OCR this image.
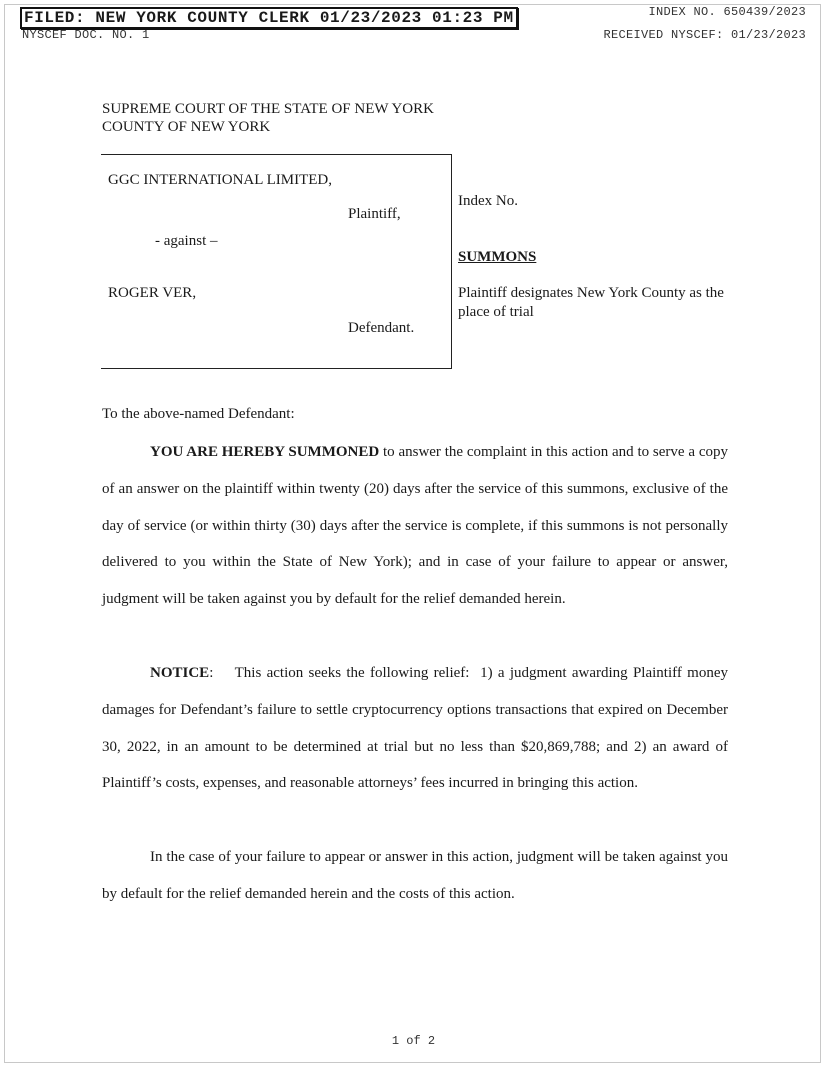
FILED: NEW YORK COUNTY CLERK 01/23/2023 01:23 PM
NYSCEF DOC. NO. 1
INDEX NO. 650439/2023
RECEIVED NYSCEF: 01/23/2023
SUPREME COURT OF THE STATE OF NEW YORK
COUNTY OF NEW YORK
GGC INTERNATIONAL LIMITED,
Plaintiff,
- against –
ROGER VER,
Defendant.
Index No.
SUMMONS
Plaintiff designates New York County as the place of trial
To the above-named Defendant:
YOU ARE HEREBY SUMMONED to answer the complaint in this action and to serve a copy of an answer on the plaintiff within twenty (20) days after the service of this summons, exclusive of the day of service (or within thirty (30) days after the service is complete, if this summons is not personally delivered to you within the State of New York); and in case of your failure to appear or answer, judgment will be taken against you by default for the relief demanded herein.
NOTICE:    This action seeks the following relief:  1) a judgment awarding Plaintiff money damages for Defendant’s failure to settle cryptocurrency options transactions that expired on December 30, 2022, in an amount to be determined at trial but no less than $20,869,788; and 2) an award of Plaintiff’s costs, expenses, and reasonable attorneys’ fees incurred in bringing this action.
In the case of your failure to appear or answer in this action, judgment will be taken against you by default for the relief demanded herein and the costs of this action.
1 of 2
